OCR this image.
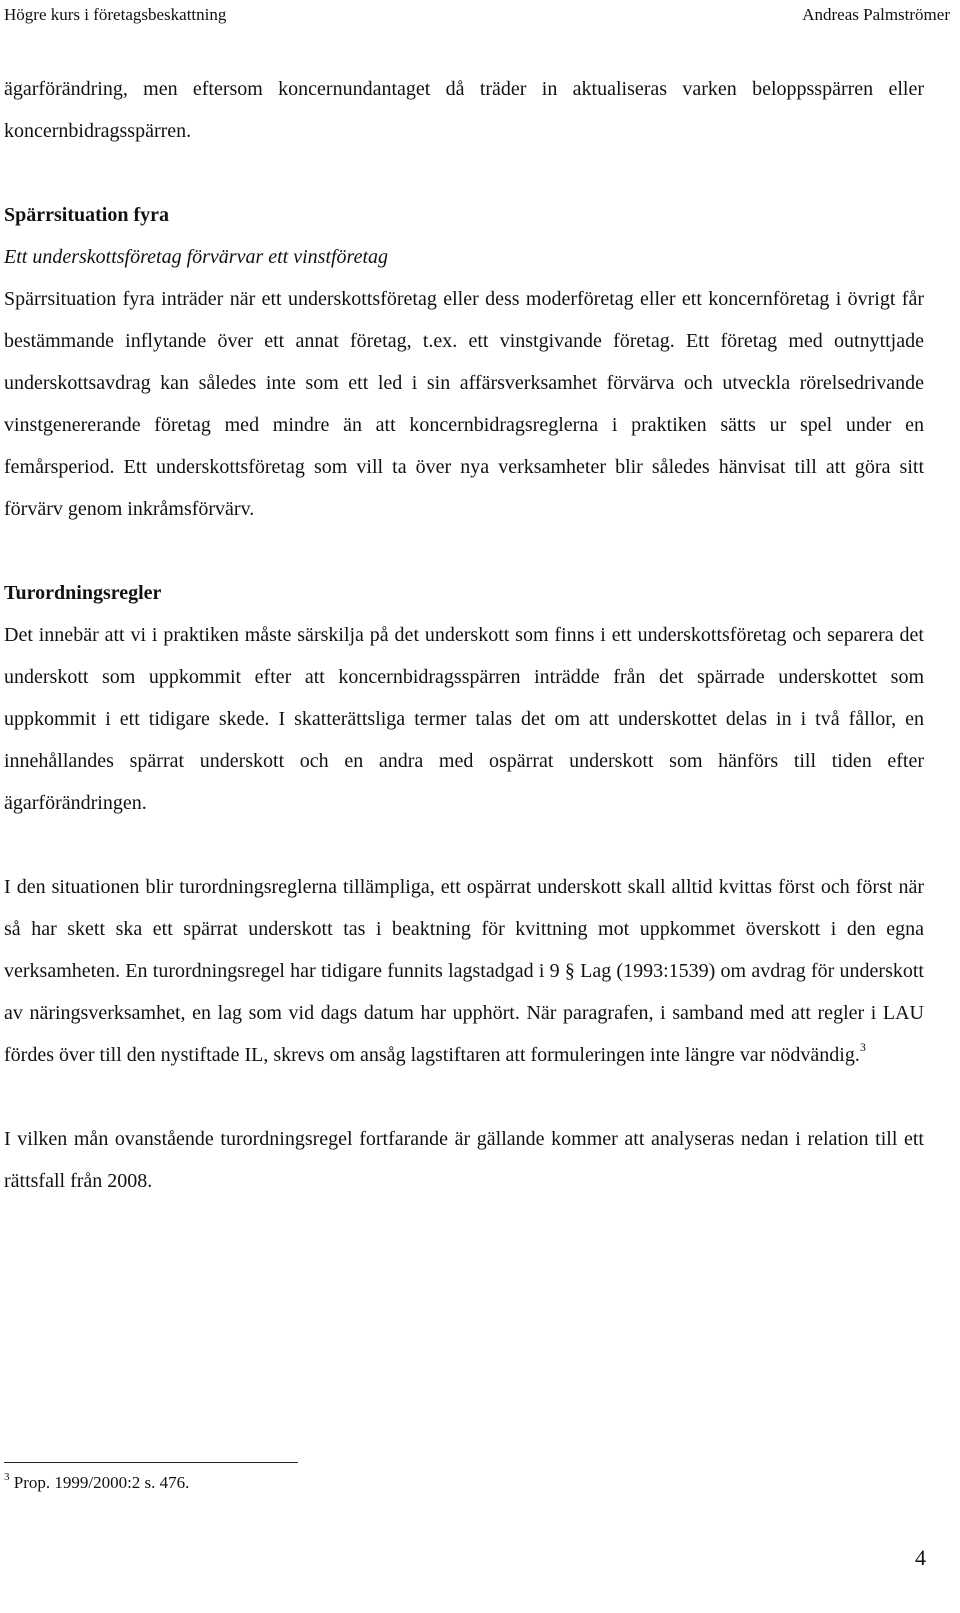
Högre kurs i företagsbeskattning	Andreas Palmströmer

ägarförändring, men eftersom koncernundantaget då träder in aktualiseras varken beloppsspärren eller koncernbidragsspärren.

Spärrsituation fyra
Ett underskottsföretag förvärvar ett vinstföretag

Spärrsituation fyra inträder när ett underskottsföretag eller dess moderföretag eller ett koncernföretag i övrigt får bestämmande inflytande över ett annat företag, t.ex. ett vinstgivande företag. Ett företag med outnyttjade underskottsavdrag kan således inte som ett led i sin affärsverksamhet förvärva och utveckla rörelsedrivande vinstgenererande företag med mindre än att koncernbidragsreglerna i praktiken sätts ur spel under en femårsperiod. Ett underskottsföretag som vill ta över nya verksamheter blir således hänvisat till att göra sitt förvärv genom inkråmsförvärv.

Turordningsregler

Det innebär att vi i praktiken måste särskilja på det underskott som finns i ett underskottsföretag och separera det underskott som uppkommit efter att koncernbidragsspärren inträdde från det spärrade underskottet som uppkommit i ett tidigare skede. I skatterättsliga termer talas det om att underskottet delas in i två fållor, en innehållandes spärrat underskott och en andra med ospärrat underskott som hänförs till tiden efter ägarförändringen.

I den situationen blir turordningsreglerna tillämpliga, ett ospärrat underskott skall alltid kvittas först och först när så har skett ska ett spärrat underskott tas i beaktning för kvittning mot uppkommet överskott i den egna verksamheten. En turordningsregel har tidigare funnits lagstadgad i 9 § Lag (1993:1539) om avdrag för underskott av näringsverksamhet, en lag som vid dags datum har upphört. När paragrafen, i samband med att regler i LAU fördes över till den nystiftade IL, skrevs om ansåg lagstiftaren att formuleringen inte längre var nödvändig.$^3$

I vilken mån ovanstående turordningsregel fortfarande är gällande kommer att analyseras nedan i relation till ett rättsfall från 2008.

$^3$ Prop. 1999/2000:2 s. 476.
4
